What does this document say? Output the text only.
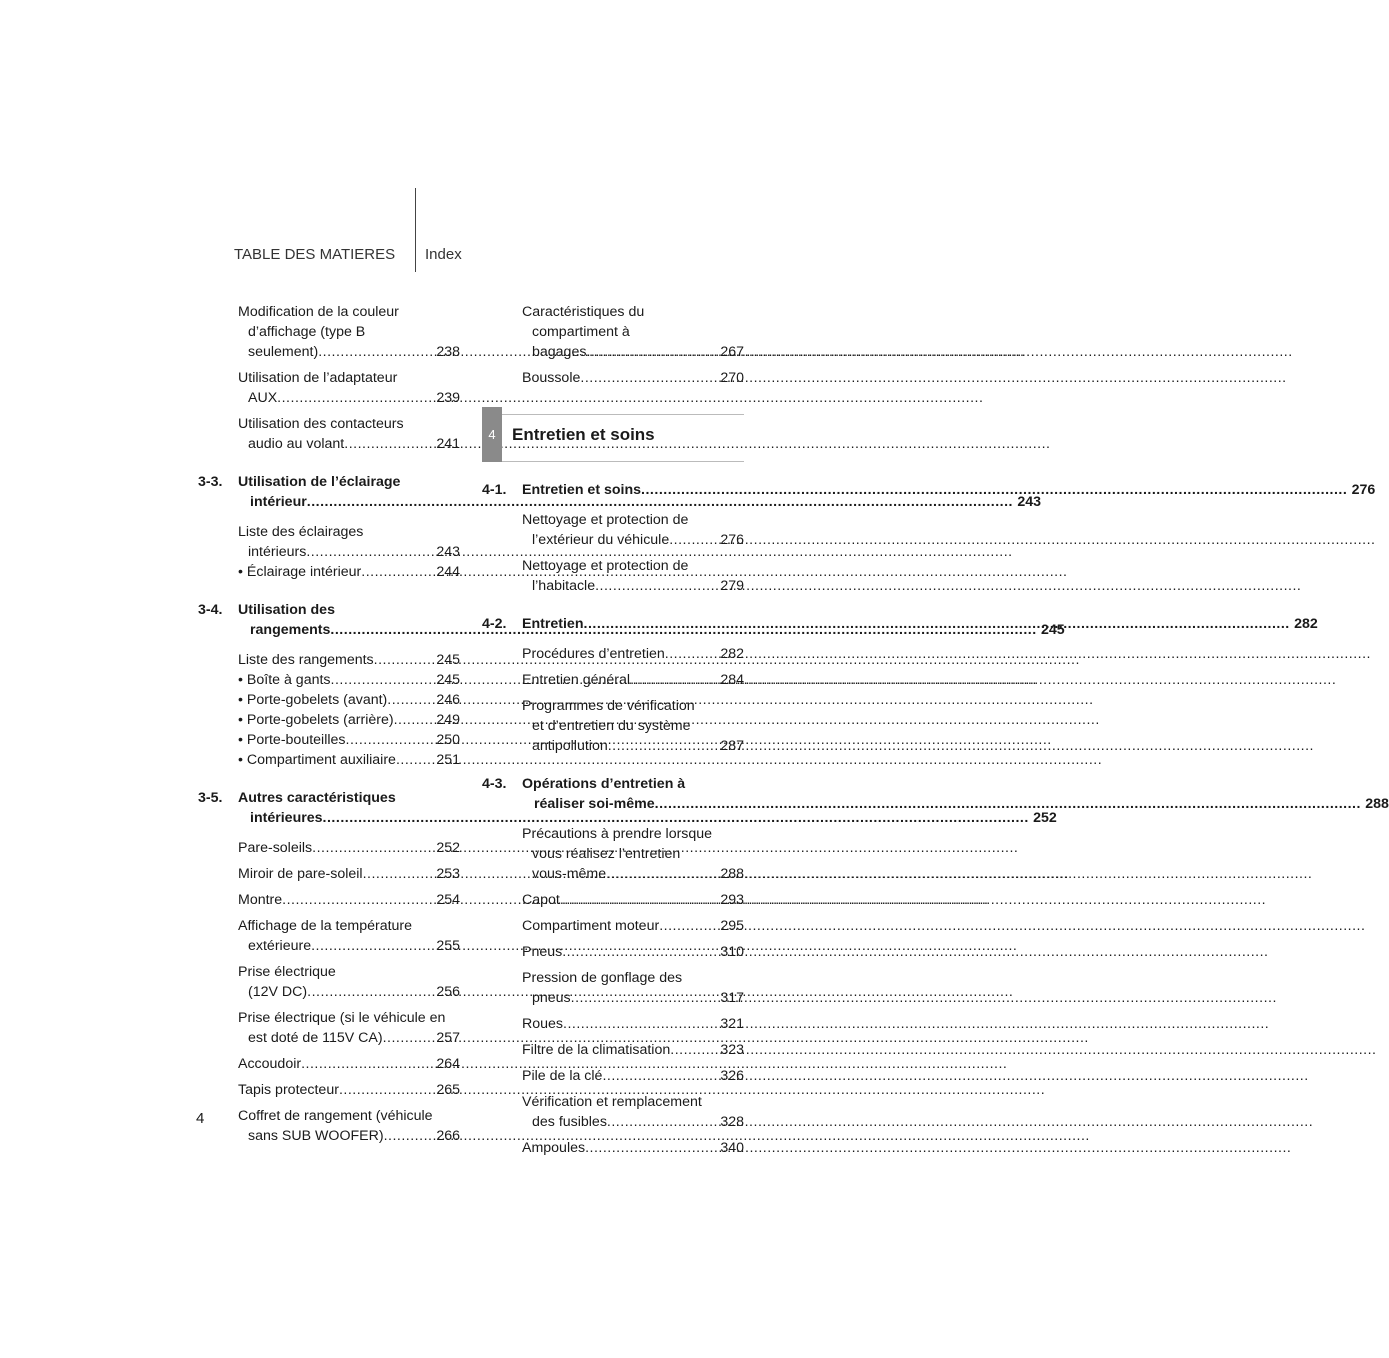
TABLE DES MATIERES Index
Modification de la couleur
d’affichage (type B
seulement) .....	238
Utilisation de l’adaptateur
AUX .....	239
Utilisation des contacteurs
audio au volant .....	241
3-3.	Utilisation de l’éclairage
intérieur .....	243
Liste des éclairages
intérieurs .....	243
• Éclairage intérieur .....	244
3-4.	Utilisation des
rangements .....	245
Liste des rangements .....	245
• Boîte à gants .....	245
• Porte-gobelets (avant) .....	246
• Porte-gobelets (arrière) .....	249
• Porte-bouteilles .....	250
• Compartiment auxiliaire .....	251
3-5.	Autres caractéristiques
intérieures .....	252
Pare-soleils .....	252
Miroir de pare-soleil .....	253
Montre .....	254
Affichage de la température
extérieure .....	255
Prise électrique
(12V DC) .....	256
Prise électrique (si le véhicule en
est doté de 115V CA) .....	257
Accoudoir .....	264
Tapis protecteur .....	265
Coffret de rangement (véhicule
sans SUB WOOFER) .....	266
Caractéristiques du
compartiment à
bagages .....	267
Boussole .....	270
4 Entretien et soins
4-1.	Entretien et soins .....	276
Nettoyage et protection de
l’extérieur du véhicule .....	276
Nettoyage et protection de
l’habitacle .....	279
4-2.	Entretien .....	282
Procédures d’entretien .....	282
Entretien général .....	284
Programmes de vérification
et d’entretien du système
antipollution .....	287
4-3.	Opérations d’entretien à
réaliser soi-même .....	288
Précautions à prendre lorsque
vous réalisez l’entretien
vous-même .....	288
Capot .....	293
Compartiment moteur .....	295
Pneus .....	310
Pression de gonflage des
pneus .....	317
Roues .....	321
Filtre de la climatisation .....	323
Pile de la clé .....	326
Vérification et remplacement
des fusibles .....	328
Ampoules .....	340
4
